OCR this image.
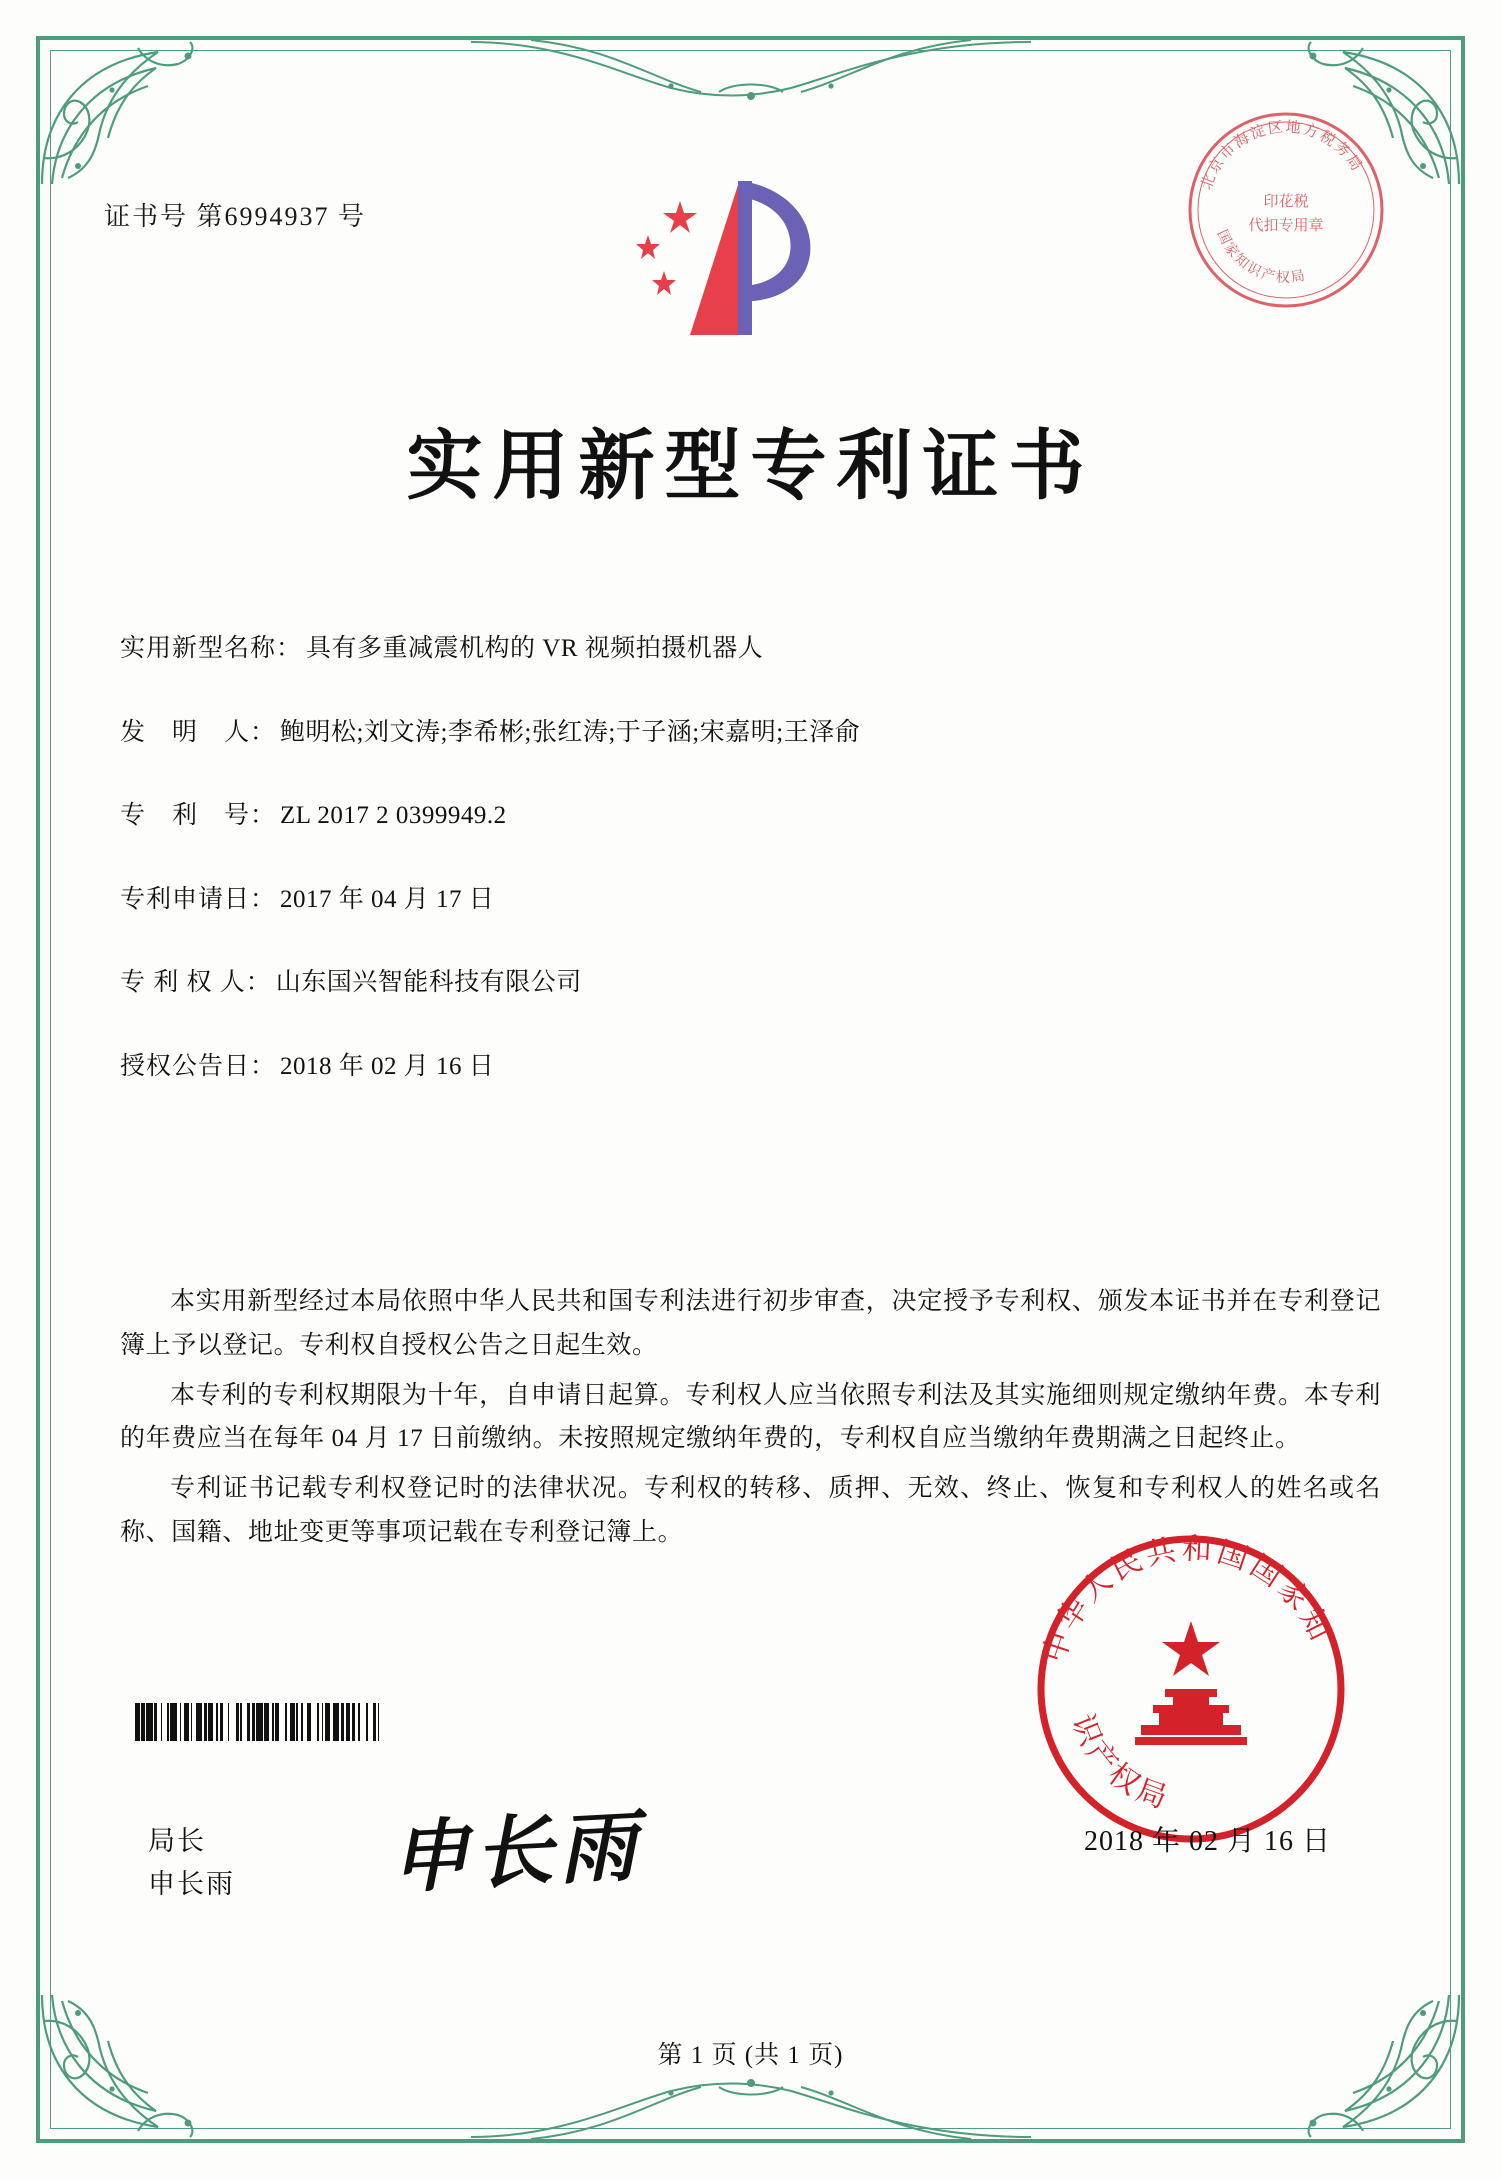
证书号 第6994937 号
北京市海淀区地方税务局
国家知识产权局
印花税
代扣专用章
实用新型专利证书
实用新型名称： 具有多重减震机构的 VR 视频拍摄机器人
发　明　人： 鲍明松;刘文涛;李希彬;张红涛;于子涵;宋嘉明;王泽俞
专　利　号： ZL 2017 2 0399949.2
专利申请日： 2017 年 04 月 17 日
专 利 权 人： 山东国兴智能科技有限公司
授权公告日： 2018 年 02 月 16 日

本实用新型经过本局依照中华人民共和国专利法进行初步审查，决定授予专利权、颁发本证书并在专利登记簿上予以登记。专利权自授权公告之日起生效。

本专利的专利权期限为十年，自申请日起算。专利权人应当依照专利法及其实施细则规定缴纳年费。本专利的年费应当在每年 04 月 17 日前缴纳。未按照规定缴纳年费的，专利权自应当缴纳年费期满之日起终止。

专利证书记载专利权登记时的法律状况。专利权的转移、质押、无效、终止、恢复和专利权人的姓名或名称、国籍、地址变更等事项记载在专利登记簿上。

局长
申长雨 申长雨
中华人民共和国国家知
识产权局
2018 年 02 月 16 日
第 1 页 (共 1 页)
